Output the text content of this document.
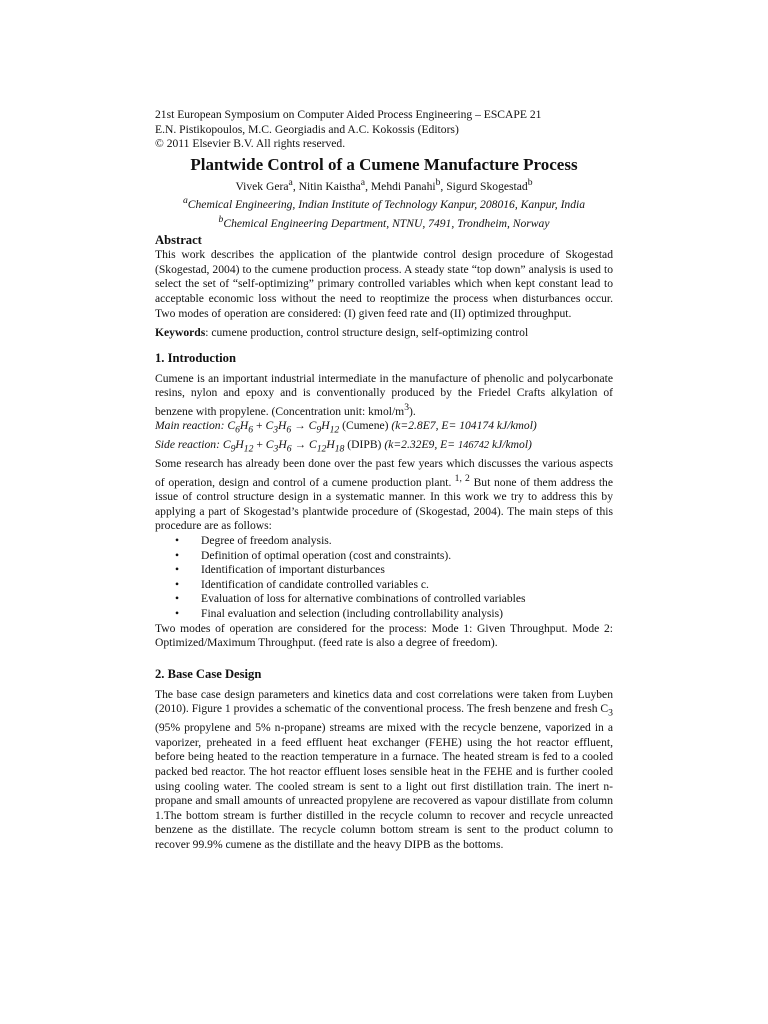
21st European Symposium on Computer Aided Process Engineering – ESCAPE 21

E.N. Pistikopoulos, M.C. Georgiadis and A.C. Kokossis (Editors)

© 2011 Elsevier B.V. All rights reserved.

Plantwide Control of a Cumene Manufacture Process

Vivek Gera$^a$, Nitin Kaistha$^a$, Mehdi Panahi$^b$, Sigurd Skogestad$^b$

$^a$Chemical Engineering, Indian Institute of Technology Kanpur, 208016, Kanpur, India

$^b$Chemical Engineering Department, NTNU, 7491, Trondheim, Norway

Abstract

This work describes the application of the plantwide control design procedure of Skogestad (Skogestad, 2004) to the cumene production process. A steady state “top down” analysis is used to select the set of “self-optimizing” primary controlled variables which when kept constant lead to acceptable economic loss without the need to reoptimize the process when disturbances occur. Two modes of operation are considered: (I) given feed rate and (II) optimized throughput.

Keywords: cumene production, control structure design, self-optimizing control

1. Introduction

Cumene is an important industrial intermediate in the manufacture of phenolic and polycarbonate resins, nylon and epoxy and is conventionally produced by the Friedel Crafts alkylation of benzene with propylene. (Concentration unit: kmol/$m^3$).

Main reaction: $C_6H_6 + C_3H_6 \to C_9H_{12}$ (Cumene) (k=2.8E7, E= 104174 kJ/kmol)

Side reaction: $C_9H_{12} + C_3H_6 \to C_{12}H_{18}$ (DIPB) (k=2.32E9, E= 146742 kJ/kmol)

Some research has already been done over the past few years which discusses the various aspects of operation, design and control of a cumene production plant. $^{1, 2}$ But none of them address the issue of control structure design in a systematic manner. In this work we try to address this by applying a part of Skogestad’s plantwide procedure of (Skogestad, 2004). The main steps of this procedure are as follows:

• Degree of freedom analysis.
• Definition of optimal operation (cost and constraints).
• Identification of important disturbances
• Identification of candidate controlled variables c.
• Evaluation of loss for alternative combinations of controlled variables
• Final evaluation and selection (including controllability analysis)

Two modes of operation are considered for the process: Mode 1: Given Throughput. Mode 2: Optimized/Maximum Throughput. (feed rate is also a degree of freedom).

2. Base Case Design

The base case design parameters and kinetics data and cost correlations were taken from Luyben (2010). Figure 1 provides a schematic of the conventional process. The fresh benzene and fresh $C_3$ (95% propylene and 5% n-propane) streams are mixed with the recycle benzene, vaporized in a vaporizer, preheated in a feed effluent heat exchanger (FEHE) using the hot reactor effluent, before being heated to the reaction temperature in a furnace. The heated stream is fed to a cooled packed bed reactor. The hot reactor effluent loses sensible heat in the FEHE and is further cooled using cooling water. The cooled stream is sent to a light out first distillation train. The inert n-propane and small amounts of unreacted propylene are recovered as vapour distillate from column 1.The bottom stream is further distilled in the recycle column to recover and recycle unreacted benzene as the distillate. The recycle column bottom stream is sent to the product column to recover 99.9% cumene as the distillate and the heavy DIPB as the bottoms.
